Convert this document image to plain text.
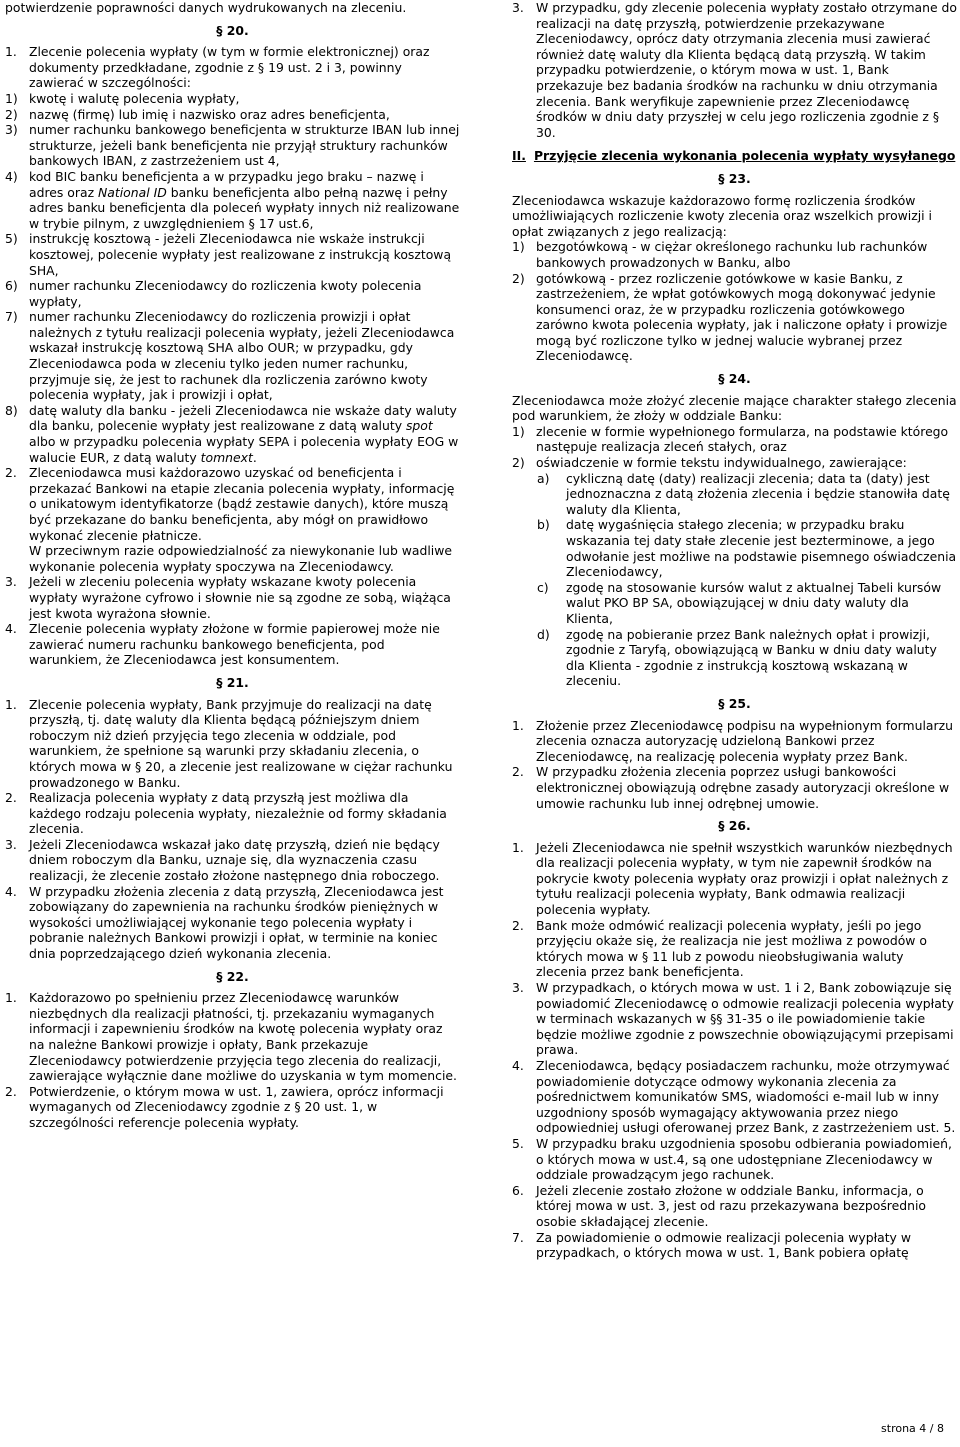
potwierdzenie poprawności danych wydrukowanych na zleceniu.

§ 20.

1. Zlecenie polecenia wypłaty (w tym w formie elektronicznej) oraz dokumenty przedkładane, zgodnie z § 19 ust. 2 i 3, powinny zawierać w szczególności:

1) kwotę i walutę polecenia wypłaty,

2) nazwę (firmę) lub imię i nazwisko oraz adres beneficjenta,

3) numer rachunku bankowego beneficjenta w strukturze IBAN lub innej strukturze, jeżeli bank beneficjenta nie przyjął struktury rachunków bankowych IBAN, z zastrzeżeniem ust 4,

4) kod BIC banku beneficjenta a w przypadku jego braku – nazwę i adres oraz National ID banku beneficjenta albo pełną nazwę i pełny adres banku beneficjenta dla poleceń wypłaty innych niż realizowane w trybie pilnym, z uwzględnieniem § 17 ust.6,

5) instrukcję kosztową - jeżeli Zleceniodawca nie wskaże instrukcji kosztowej, polecenie wypłaty jest realizowane z instrukcją kosztową SHA,

6) numer rachunku Zleceniodawcy do rozliczenia kwoty polecenia wypłaty,

7) numer rachunku Zleceniodawcy do rozliczenia prowizji i opłat należnych z tytułu realizacji polecenia wypłaty, jeżeli Zleceniodawca wskazał instrukcję kosztową SHA albo OUR; w przypadku, gdy Zleceniodawca poda w zleceniu tylko jeden numer rachunku, przyjmuje się, że jest to rachunek dla rozliczenia zarówno kwoty polecenia wypłaty, jak i prowizji i opłat,

8) datę waluty dla banku - jeżeli Zleceniodawca nie wskaże daty waluty dla banku, polecenie wypłaty jest realizowane z datą waluty spot albo w przypadku polecenia wypłaty SEPA i polecenia wypłaty EOG w walucie EUR, z datą waluty tomnext.

2. Zleceniodawca musi każdorazowo uzyskać od beneficjenta i przekazać Bankowi na etapie zlecania polecenia wypłaty, informację o unikatowym identyfikatorze (bądź zestawie danych), które muszą być przekazane do banku beneficjenta, aby mógł on prawidłowo wykonać zlecenie płatnicze.

W przeciwnym razie odpowiedzialność za niewykonanie lub wadliwe wykonanie polecenia wypłaty spoczywa na Zleceniodawcy.

3. Jeżeli w zleceniu polecenia wypłaty wskazane kwoty polecenia wypłaty wyrażone cyfrowo i słownie nie są zgodne ze sobą, wiążąca jest kwota wyrażona słownie.

4. Zlecenie polecenia wypłaty złożone w formie papierowej może nie zawierać numeru rachunku bankowego beneficjenta, pod warunkiem, że Zleceniodawca jest konsumentem.

§ 21.

1. Zlecenie polecenia wypłaty, Bank przyjmuje do realizacji na datę przyszłą, tj. datę waluty dla Klienta będącą późniejszym dniem roboczym niż dzień przyjęcia tego zlecenia w oddziale, pod warunkiem, że spełnione są warunki przy składaniu zlecenia, o których mowa w § 20, a zlecenie jest realizowane w ciężar rachunku prowadzonego w Banku.

2. Realizacja polecenia wypłaty z datą przyszłą jest możliwa dla każdego rodzaju polecenia wypłaty, niezależnie od formy składania zlecenia.

3. Jeżeli Zleceniodawca wskazał jako datę przyszłą, dzień nie będący dniem roboczym dla Banku, uznaje się, dla wyznaczenia czasu realizacji, że zlecenie zostało złożone następnego dnia roboczego.

4. W przypadku złożenia zlecenia z datą przyszłą, Zleceniodawca jest zobowiązany do zapewnienia na rachunku środków pieniężnych w wysokości umożliwiającej wykonanie tego polecenia wypłaty i pobranie należnych Bankowi prowizji i opłat, w terminie na koniec dnia poprzedzającego dzień wykonania zlecenia.

§ 22.

1. Każdorazowo po spełnieniu przez Zleceniodawcę warunków niezbędnych dla realizacji płatności, tj. przekazaniu wymaganych informacji i zapewnieniu środków na kwotę polecenia wypłaty oraz na należne Bankowi prowizje i opłaty, Bank przekazuje Zleceniodawcy potwierdzenie przyjęcia tego zlecenia do realizacji, zawierające wyłącznie dane możliwe do uzyskania w tym momencie.

2. Potwierdzenie, o którym mowa w ust. 1, zawiera, oprócz informacji wymaganych od Zleceniodawcy zgodnie z § 20 ust. 1, w szczególności referencje polecenia wypłaty.

3. W przypadku, gdy zlecenie polecenia wypłaty zostało otrzymane do realizacji na datę przyszłą, potwierdzenie przekazywane Zleceniodawcy, oprócz daty otrzymania zlecenia musi zawierać również datę waluty dla Klienta będącą datą przyszłą. W takim przypadku potwierdzenie, o którym mowa w ust. 1, Bank przekazuje bez badania środków na rachunku w dniu otrzymania zlecenia. Bank weryfikuje zapewnienie przez Zleceniodawcę środków w dniu daty przyszłej w celu jego rozliczenia zgodnie z § 30.

II. Przyjęcie zlecenia wykonania polecenia wypłaty wysyłanego

§ 23.

Zleceniodawca wskazuje każdorazowo formę rozliczenia środków umożliwiających rozliczenie kwoty zlecenia oraz wszelkich prowizji i opłat związanych z jego realizacją:

1) bezgotówkową - w ciężar określonego rachunku lub rachunków bankowych prowadzonych w Banku, albo

2) gotówkową - przez rozliczenie gotówkowe w kasie Banku, z zastrzeżeniem, że wpłat gotówkowych mogą dokonywać jedynie konsumenci oraz, że w przypadku rozliczenia gotówkowego zarówno kwota polecenia wypłaty, jak i naliczone opłaty i prowizje mogą być rozliczone tylko w jednej walucie wybranej przez Zleceniodawcę.

§ 24.

Zleceniodawca może złożyć zlecenie mające charakter stałego zlecenia pod warunkiem, że złoży w oddziale Banku:

1) zlecenie w formie wypełnionego formularza, na podstawie którego następuje realizacja zleceń stałych, oraz

2) oświadczenie w formie tekstu indywidualnego, zawierające:

a) cykliczną datę (daty) realizacji zlecenia; data ta (daty) jest jednoznaczna z datą złożenia zlecenia i będzie stanowiła datę waluty dla Klienta,

b) datę wygaśnięcia stałego zlecenia; w przypadku braku wskazania tej daty stałe zlecenie jest bezterminowe, a jego odwołanie jest możliwe na podstawie pisemnego oświadczenia Zleceniodawcy,

c) zgodę na stosowanie kursów walut z aktualnej Tabeli kursów walut PKO BP SA, obowiązującej w dniu daty waluty dla Klienta,

d) zgodę na pobieranie przez Bank należnych opłat i prowizji, zgodnie z Taryfą, obowiązującą w Banku w dniu daty waluty dla Klienta - zgodnie z instrukcją kosztową wskazaną w zleceniu.

§ 25.

1. Złożenie przez Zleceniodawcę podpisu na wypełnionym formularzu zlecenia oznacza autoryzację udzieloną Bankowi przez Zleceniodawcę, na realizację polecenia wypłaty przez Bank.

2. W przypadku złożenia zlecenia poprzez usługi bankowości elektronicznej obowiązują odrębne zasady autoryzacji określone w umowie rachunku lub innej odrębnej umowie.

§ 26.

1. Jeżeli Zleceniodawca nie spełnił wszystkich warunków niezbędnych dla realizacji polecenia wypłaty, w tym nie zapewnił środków na pokrycie kwoty polecenia wypłaty oraz prowizji i opłat należnych z tytułu realizacji polecenia wypłaty, Bank odmawia realizacji polecenia wypłaty.

2. Bank może odmówić realizacji polecenia wypłaty, jeśli po jego przyjęciu okaże się, że realizacja nie jest możliwa z powodów o których mowa w § 11 lub z powodu nieobsługiwania waluty zlecenia przez bank beneficjenta.

3. W przypadkach, o których mowa w ust. 1 i 2, Bank zobowiązuje się powiadomić Zleceniodawcę o odmowie realizacji polecenia wypłaty w terminach wskazanych w §§ 31-35 o ile powiadomienie takie będzie możliwe zgodnie z powszechnie obowiązującymi przepisami prawa.

4. Zleceniodawca, będący posiadaczem rachunku, może otrzymywać powiadomienie dotyczące odmowy wykonania zlecenia za pośrednictwem komunikatów SMS, wiadomości e-mail lub w inny uzgodniony sposób wymagający aktywowania przez niego odpowiedniej usługi oferowanej przez Bank, z zastrzeżeniem ust. 5.

5. W przypadku braku uzgodnienia sposobu odbierania powiadomień, o których mowa w ust.4, są one udostępniane Zleceniodawcy w oddziale prowadzącym jego rachunek.

6. Jeżeli zlecenie zostało złożone w oddziale Banku, informacja, o której mowa w ust. 3, jest od razu przekazywana bezpośrednio osobie składającej zlecenie.

7. Za powiadomienie o odmowie realizacji polecenia wypłaty w przypadkach, o których mowa w ust. 1, Bank pobiera opłatę

strona 4 / 8
